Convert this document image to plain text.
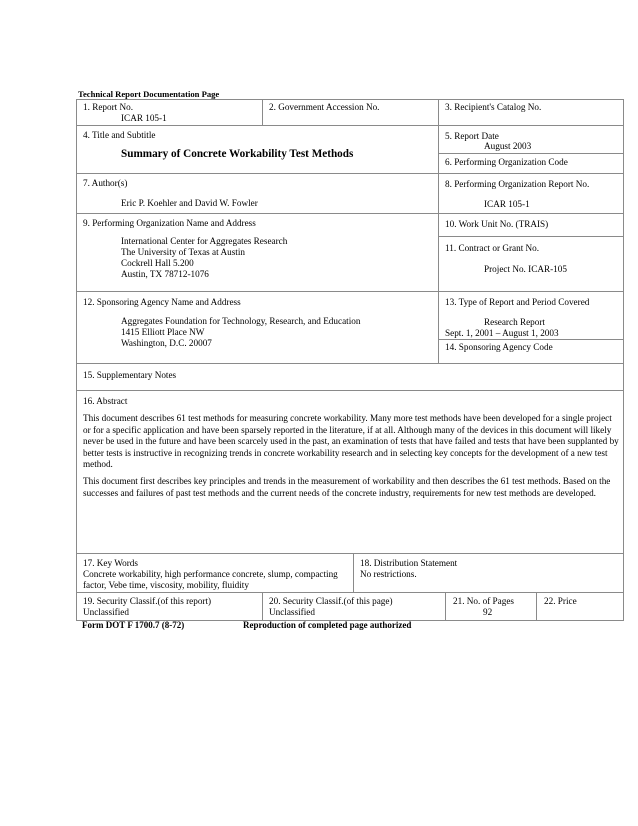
Technical Report Documentation Page
1. Report No.
ICAR 105-1
2. Government Accession No.	3. Recipient's Catalog No.
4. Title and Subtitle
Summary of Concrete Workability Test Methods
5. Report Date
August 2003
6. Performing Organization Code
7. Author(s)
Eric P. Koehler and David W. Fowler
8. Performing Organization Report No.
ICAR 105-1
9. Performing Organization Name and Address
International Center for Aggregates Research
The University of Texas at Austin
Cockrell Hall 5.200
Austin, TX 78712-1076
10. Work Unit No. (TRAIS)
11. Contract or Grant No.
Project No. ICAR-105
12. Sponsoring Agency Name and Address
Aggregates Foundation for Technology, Research, and Education
1415 Elliott Place NW
Washington, D.C. 20007
13. Type of Report and Period Covered
Research Report
Sept. 1, 2001 – August 1, 2003
14. Sponsoring Agency Code
15. Supplementary Notes
16. Abstract
This document describes 61 test methods for measuring concrete workability. Many more test methods have been developed for a single project or for a specific application and have been sparsely reported in the literature, if at all. Although many of the devices in this document will likely never be used in the future and have been scarcely used in the past, an examination of tests that have failed and tests that have been supplanted by better tests is instructive in recognizing trends in concrete workability research and in selecting key concepts for the development of a new test method.
This document first describes key principles and trends in the measurement of workability and then describes the 61 test methods. Based on the successes and failures of past test methods and the current needs of the concrete industry, requirements for new test methods are developed.
17. Key Words
Concrete workability, high performance concrete, slump, compacting
factor, Vebe time, viscosity, mobility, fluidity
18. Distribution Statement
No restrictions.
19. Security Classif.(of this report)
Unclassified
20. Security Classif.(of this page)
Unclassified
21. No. of Pages
92
22. Price
Form DOT F 1700.7 (8-72)	Reproduction of completed page authorized
